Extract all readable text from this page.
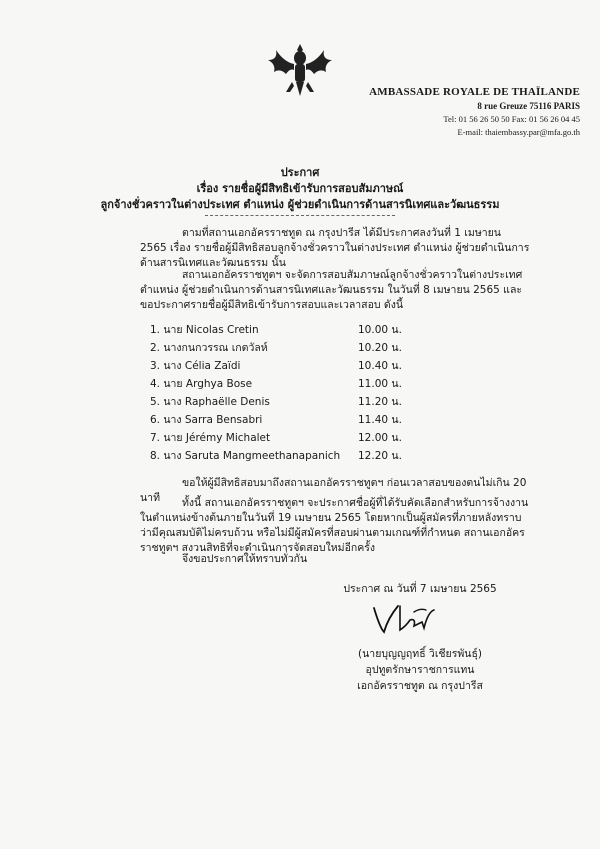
AMBASSADE ROYALE DE THAÏLANDE
8 rue Greuze 75116 PARIS
Tel: 01 56 26 50 50 Fax: 01 56 26 04 45
E-mail: thaiembassy.par@mfa.go.th
ประกาศ
เรื่อง รายชื่อผู้มีสิทธิเข้ารับการสอบสัมภาษณ์
ลูกจ้างชั่วคราวในต่างประเทศ ตำแหน่ง ผู้ช่วยดำเนินการด้านสารนิเทศและวัฒนธรรม
ตามที่สถานเอกอัครราชทูต ณ กรุงปารีส ได้มีประกาศลงวันที่ 1 เมษายน 2565 เรื่อง รายชื่อผู้มีสิทธิสอบลูกจ้างชั่วคราวในต่างประเทศ ตำแหน่ง ผู้ช่วยดำเนินการด้านสารนิเทศและวัฒนธรรม นั้น
สถานเอกอัครราชทูตฯ จะจัดการสอบสัมภาษณ์ลูกจ้างชั่วคราวในต่างประเทศ ตำแหน่ง ผู้ช่วยดำเนินการด้านสารนิเทศและวัฒนธรรม ในวันที่ 8 เมษายน 2565 และขอประกาศรายชื่อผู้มีสิทธิเข้ารับการสอบและเวลาสอบ ดังนี้
1. นาย Nicolas Cretin	10.00 น.
2. นางกนกวรรณ เกตวัลห์	10.20 น.
3. นาง Célia Zaïdi	10.40 น.
4. นาย Arghya Bose	11.00 น.
5. นาง Raphaëlle Denis	11.20 น.
6. นาง Sarra Bensabri	11.40 น.
7. นาย Jérémy Michalet	12.00 น.
8. นาง Saruta Mangmeethanapanich 12.20 น.
ขอให้ผู้มีสิทธิสอบมาถึงสถานเอกอัครราชทูตฯ ก่อนเวลาสอบของตนไม่เกิน 20 นาที	ทั้งนี้ สถานเอกอัครราชทูตฯ จะประกาศชื่อผู้ที่ได้รับคัดเลือกสำหรับการจ้างงานในตำแหน่งข้างต้นภายในวันที่ 19 เมษายน 2565 โดยหากเป็นผู้สมัครที่ภายหลังทราบว่ามีคุณสมบัติไม่ครบถ้วน หรือไม่มีผู้สมัครที่สอบผ่านตามเกณฑ์ที่กำหนด สถานเอกอัครราชทูตฯ สงวนสิทธิที่จะดำเนินการจัดสอบใหม่อีกครั้ง
จึงขอประกาศให้ทราบทั่วกัน
ประกาศ ณ วันที่ 7 เมษายน 2565
(นายบุญญฤทธิ์ วิเชียรพันธุ์)
อุปทูตรักษาราชการแทน
เอกอัครราชทูต ณ กรุงปารีส
